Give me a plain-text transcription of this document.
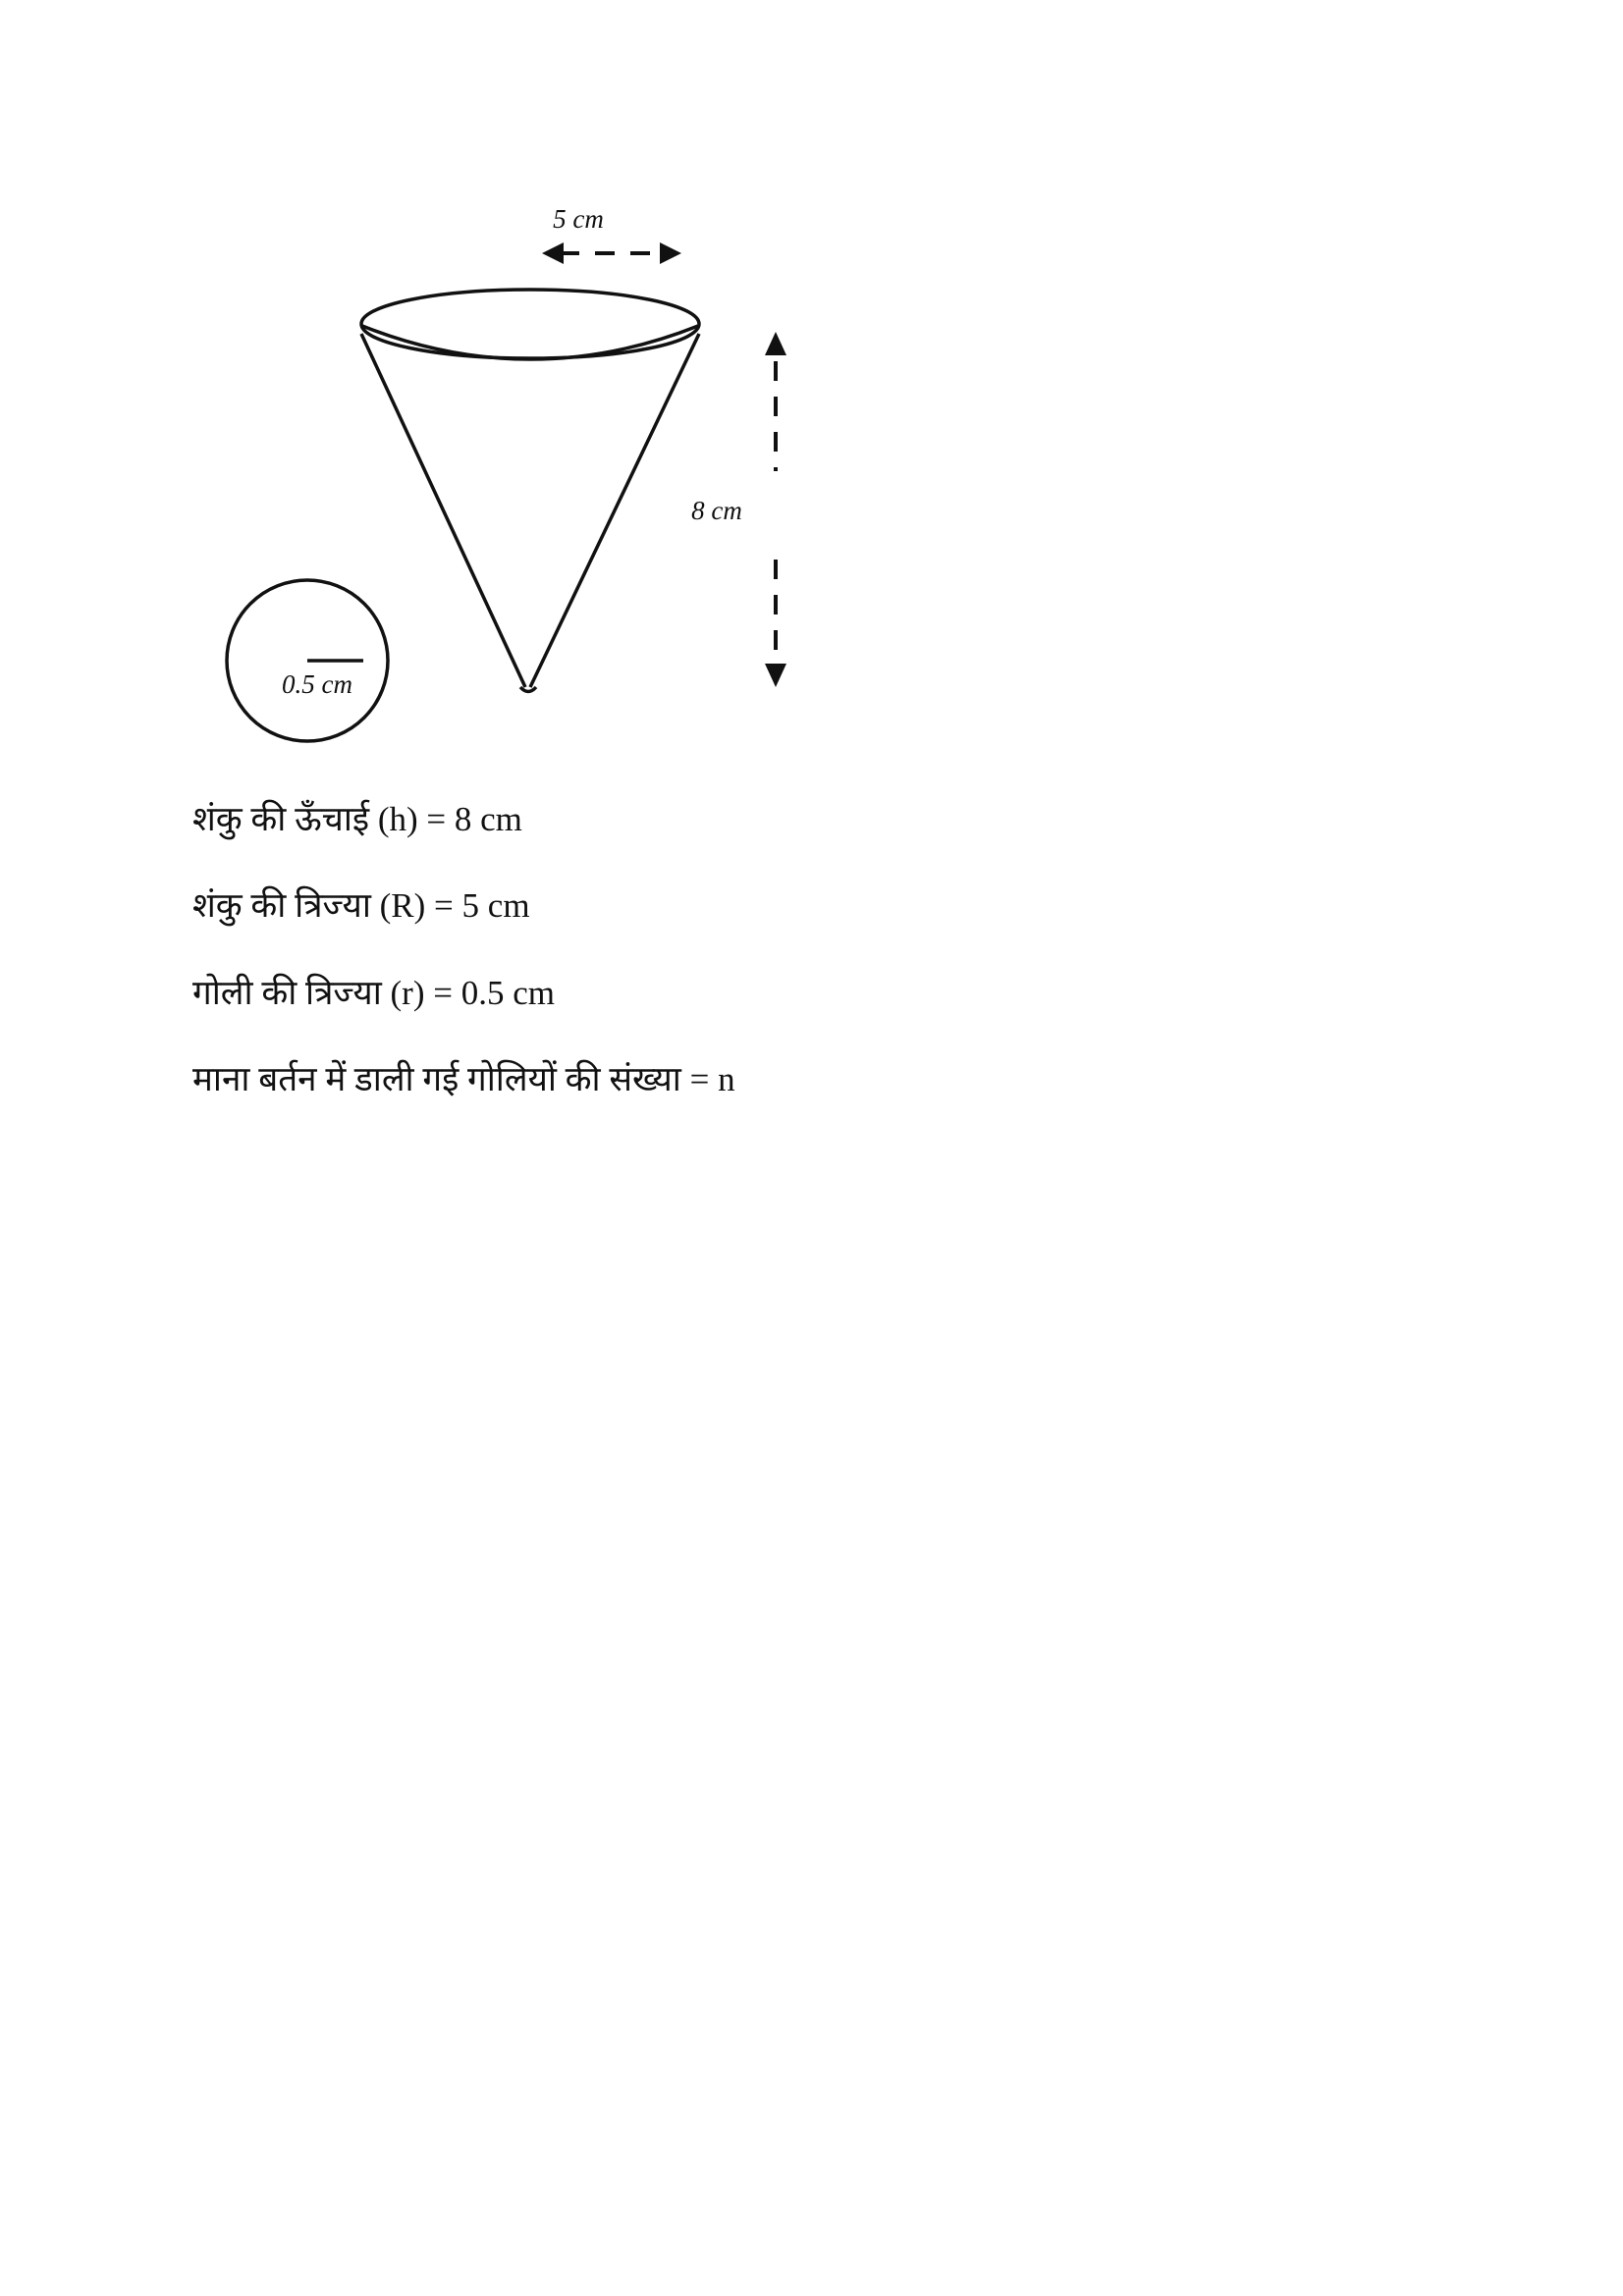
5 cm
8 cm
0.5 cm

शंकु की ऊँचाई (h) = 8 cm

शंकु की त्रिज्या (R) = 5 cm

गोली की त्रिज्या (r) = 0.5 cm

माना बर्तन में डाली गई गोलियों की संख्या = n
